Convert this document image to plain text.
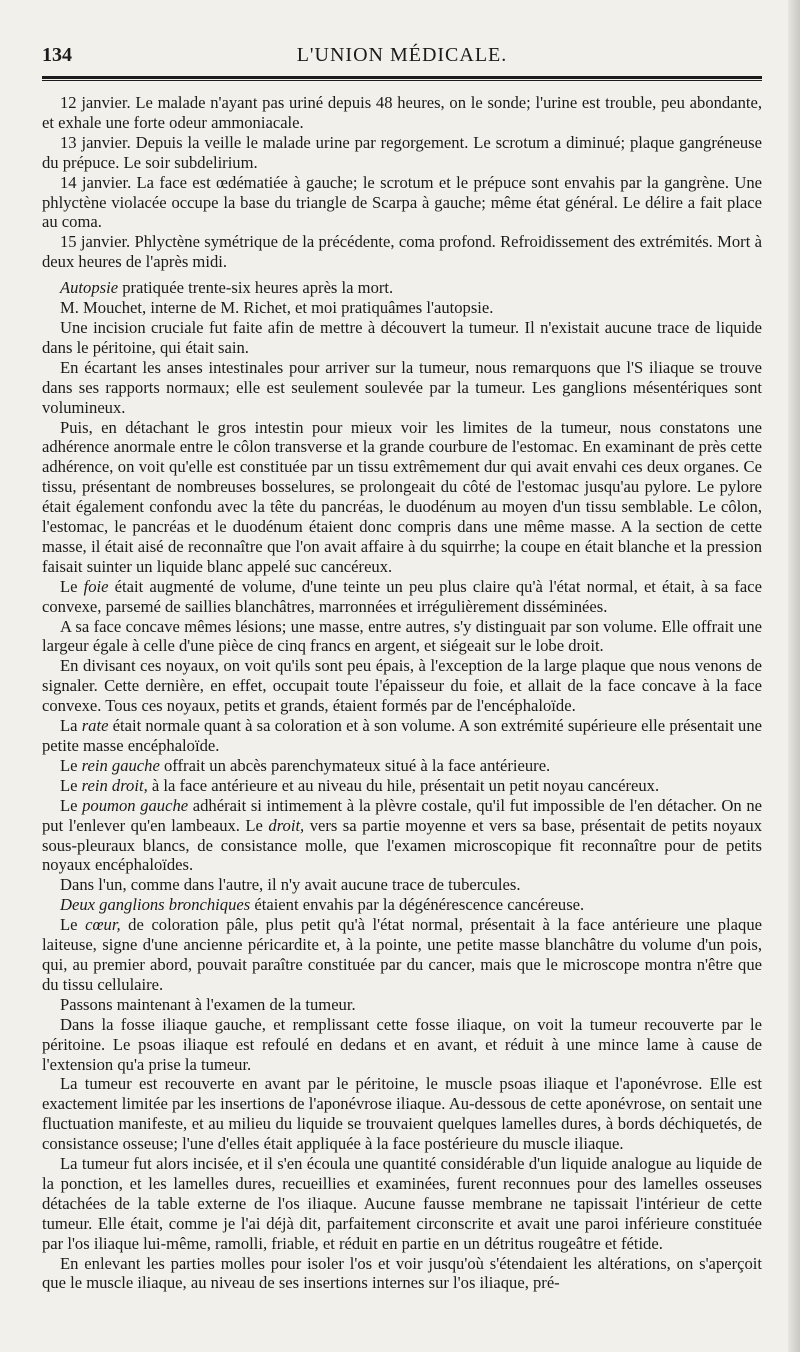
134	L'UNION MÉDICALE.

12 janvier. Le malade n'ayant pas uriné depuis 48 heures, on le sonde; l'urine est trouble, peu abondante, et exhale une forte odeur ammoniacale.

13 janvier. Depuis la veille le malade urine par regorgement. Le scrotum a diminué; plaque gangréneuse du prépuce. Le soir subdelirium.

14 janvier. La face est œdématiée à gauche; le scrotum et le prépuce sont envahis par la gangrène. Une phlyctène violacée occupe la base du triangle de Scarpa à gauche; même état général. Le délire a fait place au coma.

15 janvier. Phlyctène symétrique de la précédente, coma profond. Refroidissement des extrémités. Mort à deux heures de l'après midi.

Autopsie pratiquée trente-six heures après la mort.

M. Mouchet, interne de M. Richet, et moi pratiquâmes l'autopsie.

Une incision cruciale fut faite afin de mettre à découvert la tumeur. Il n'existait aucune trace de liquide dans le péritoine, qui était sain.

En écartant les anses intestinales pour arriver sur la tumeur, nous remarquons que l'S iliaque se trouve dans ses rapports normaux; elle est seulement soulevée par la tumeur. Les ganglions mésentériques sont volumineux.

Puis, en détachant le gros intestin pour mieux voir les limites de la tumeur, nous constatons une adhérence anormale entre le côlon transverse et la grande courbure de l'estomac. En examinant de près cette adhérence, on voit qu'elle est constituée par un tissu extrêmement dur qui avait envahi ces deux organes. Ce tissu, présentant de nombreuses bosselures, se prolongeait du côté de l'estomac jusqu'au pylore. Le pylore était également confondu avec la tête du pancréas, le duodénum au moyen d'un tissu semblable. Le côlon, l'estomac, le pancréas et le duodénum étaient donc compris dans une même masse. A la section de cette masse, il était aisé de reconnaître que l'on avait affaire à du squirrhe; la coupe en était blanche et la pression faisait suinter un liquide blanc appelé suc cancéreux.

Le foie était augmenté de volume, d'une teinte un peu plus claire qu'à l'état normal, et était, à sa face convexe, parsemé de saillies blanchâtres, marronnées et irrégulièrement disséminées.

A sa face concave mêmes lésions; une masse, entre autres, s'y distinguait par son volume. Elle offrait une largeur égale à celle d'une pièce de cinq francs en argent, et siégeait sur le lobe droit.

En divisant ces noyaux, on voit qu'ils sont peu épais, à l'exception de la large plaque que nous venons de signaler. Cette dernière, en effet, occupait toute l'épaisseur du foie, et allait de la face concave à la face convexe. Tous ces noyaux, petits et grands, étaient formés par de l'encéphaloïde.

La rate était normale quant à sa coloration et à son volume. A son extrémité supérieure elle présentait une petite masse encéphaloïde.

Le rein gauche offrait un abcès parenchymateux situé à la face antérieure.

Le rein droit, à la face antérieure et au niveau du hile, présentait un petit noyau cancéreux.

Le poumon gauche adhérait si intimement à la plèvre costale, qu'il fut impossible de l'en détacher. On ne put l'enlever qu'en lambeaux. Le droit, vers sa partie moyenne et vers sa base, présentait de petits noyaux sous-pleuraux blancs, de consistance molle, que l'examen microscopique fit reconnaître pour de petits noyaux encéphaloïdes.

Dans l'un, comme dans l'autre, il n'y avait aucune trace de tubercules.

Deux ganglions bronchiques étaient envahis par la dégénérescence cancéreuse.

Le cœur, de coloration pâle, plus petit qu'à l'état normal, présentait à la face antérieure une plaque laiteuse, signe d'une ancienne péricardite et, à la pointe, une petite masse blanchâtre du volume d'un pois, qui, au premier abord, pouvait paraître constituée par du cancer, mais que le microscope montra n'être que du tissu cellulaire.

Passons maintenant à l'examen de la tumeur.

Dans la fosse iliaque gauche, et remplissant cette fosse iliaque, on voit la tumeur recouverte par le péritoine. Le psoas iliaque est refoulé en dedans et en avant, et réduit à une mince lame à cause de l'extension qu'a prise la tumeur.

La tumeur est recouverte en avant par le péritoine, le muscle psoas iliaque et l'aponévrose. Elle est exactement limitée par les insertions de l'aponévrose iliaque. Au-dessous de cette aponévrose, on sentait une fluctuation manifeste, et au milieu du liquide se trouvaient quelques lamelles dures, à bords déchiquetés, de consistance osseuse; l'une d'elles était appliquée à la face postérieure du muscle iliaque.

La tumeur fut alors incisée, et il s'en écoula une quantité considérable d'un liquide analogue au liquide de la ponction, et les lamelles dures, recueillies et examinées, furent reconnues pour des lamelles osseuses détachées de la table externe de l'os iliaque. Aucune fausse membrane ne tapissait l'intérieur de cette tumeur. Elle était, comme je l'ai déjà dit, parfaitement circonscrite et avait une paroi inférieure constituée par l'os iliaque lui-même, ramolli, friable, et réduit en partie en un détritus rougeâtre et fétide.

En enlevant les parties molles pour isoler l'os et voir jusqu'où s'étendaient les altérations, on s'aperçoit que le muscle iliaque, au niveau de ses insertions internes sur l'os iliaque, pré-
